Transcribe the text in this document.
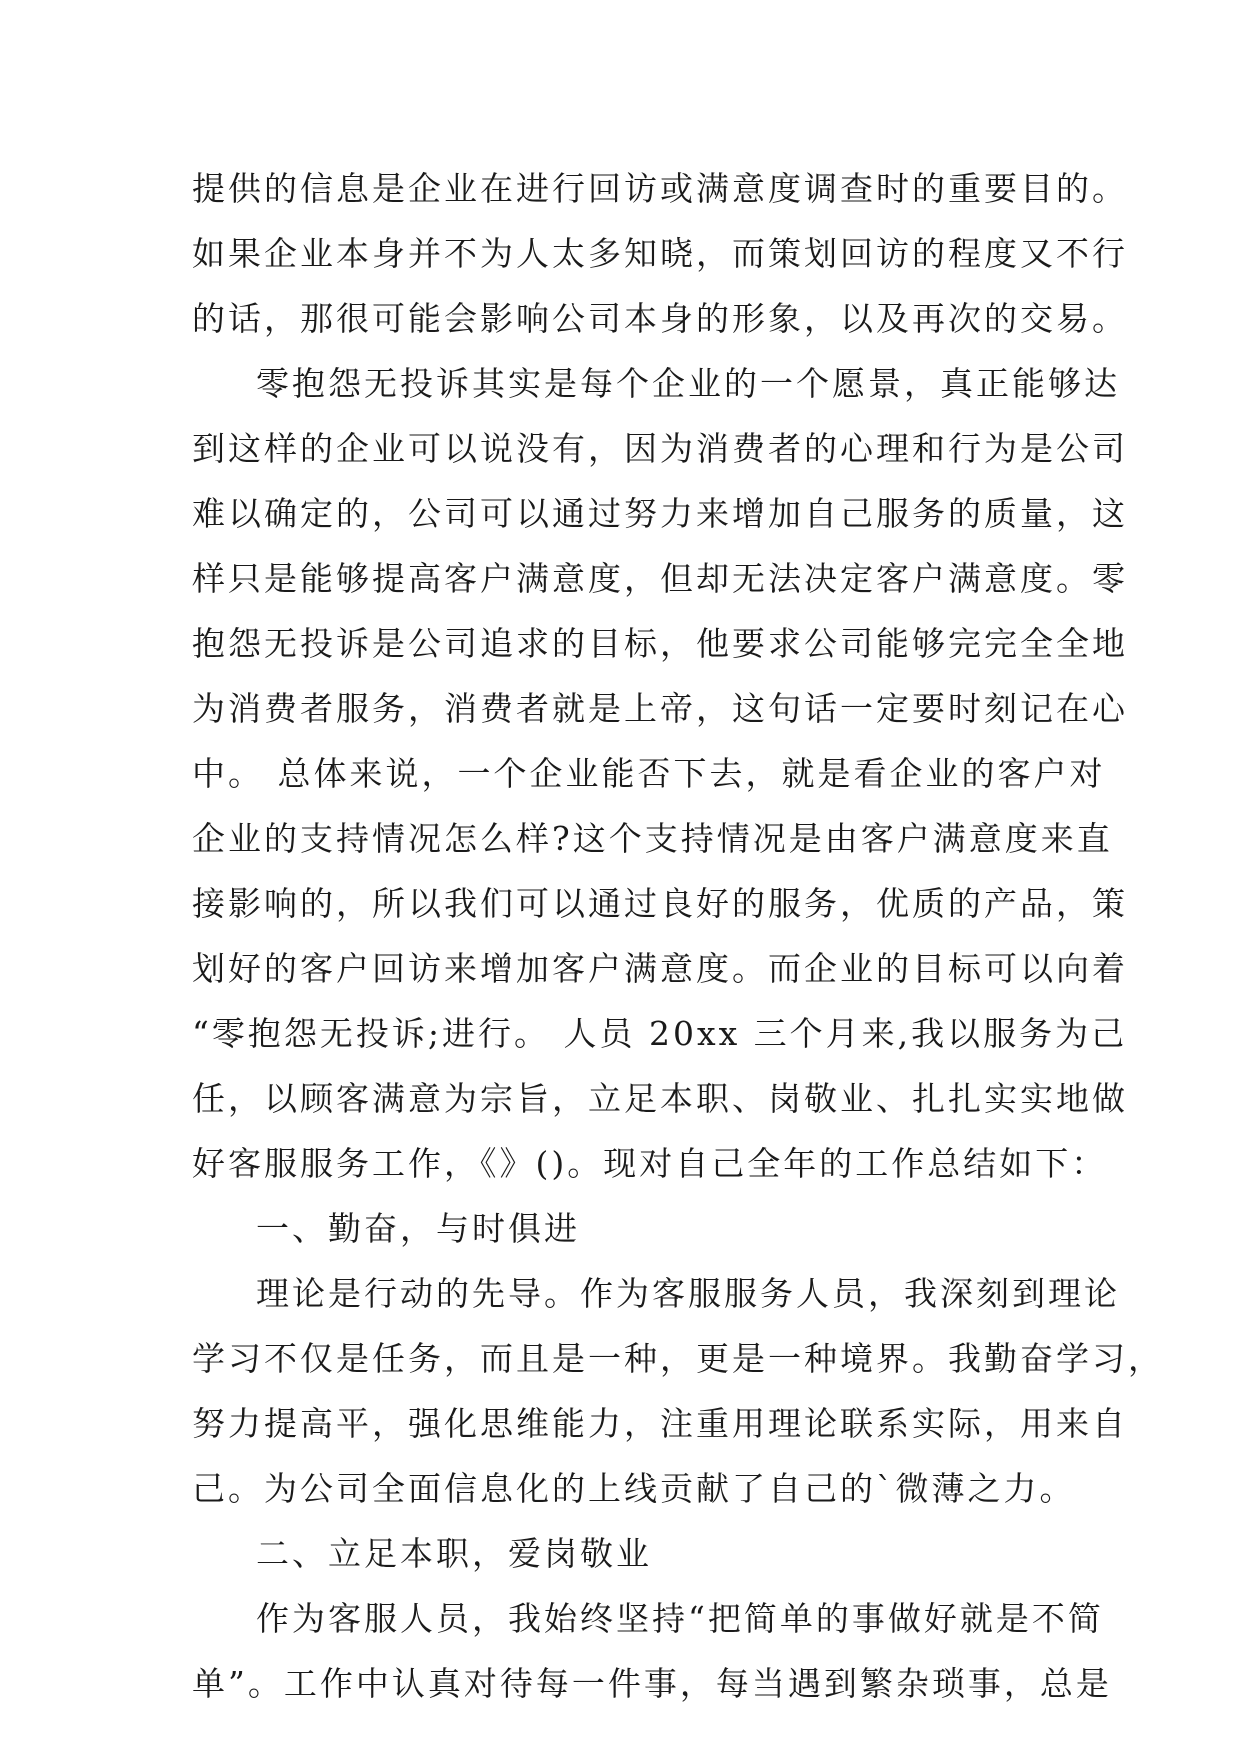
提供的信息是企业在进行回访或满意度调查时的重要目的。
如果企业本身并不为人太多知晓，而策划回访的程度又不行
的话，那很可能会影响公司本身的形象，以及再次的交易。
零抱怨无投诉其实是每个企业的一个愿景，真正能够达
到这样的企业可以说没有，因为消费者的心理和行为是公司
难以确定的，公司可以通过努力来增加自己服务的质量，这
样只是能够提高客户满意度，但却无法决定客户满意度。零
抱怨无投诉是公司追求的目标，他要求公司能够完完全全地
为消费者服务，消费者就是上帝，这句话一定要时刻记在心
中。 总体来说，一个企业能否下去，就是看企业的客户对
企业的支持情况怎么样?这个支持情况是由客户满意度来直
接影响的，所以我们可以通过良好的服务，优质的产品，策
划好的客户回访来增加客户满意度。而企业的目标可以向着
“零抱怨无投诉;进行。 人员 20xx 三个月来,我以服务为己
任，以顾客满意为宗旨，立足本职、岗敬业、扎扎实实地做
好客服服务工作，《》()。现对自己全年的工作总结如下：
一、勤奋，与时俱进
理论是行动的先导。作为客服服务人员，我深刻到理论
学习不仅是任务，而且是一种，更是一种境界。我勤奋学习，
努力提高平，强化思维能力，注重用理论联系实际，用来自
己。为公司全面信息化的上线贡献了自己的`微薄之力。
二、立足本职，爱岗敬业
作为客服人员，我始终坚持“把简单的事做好就是不简
单”。工作中认真对待每一件事，每当遇到繁杂琐事，总是
